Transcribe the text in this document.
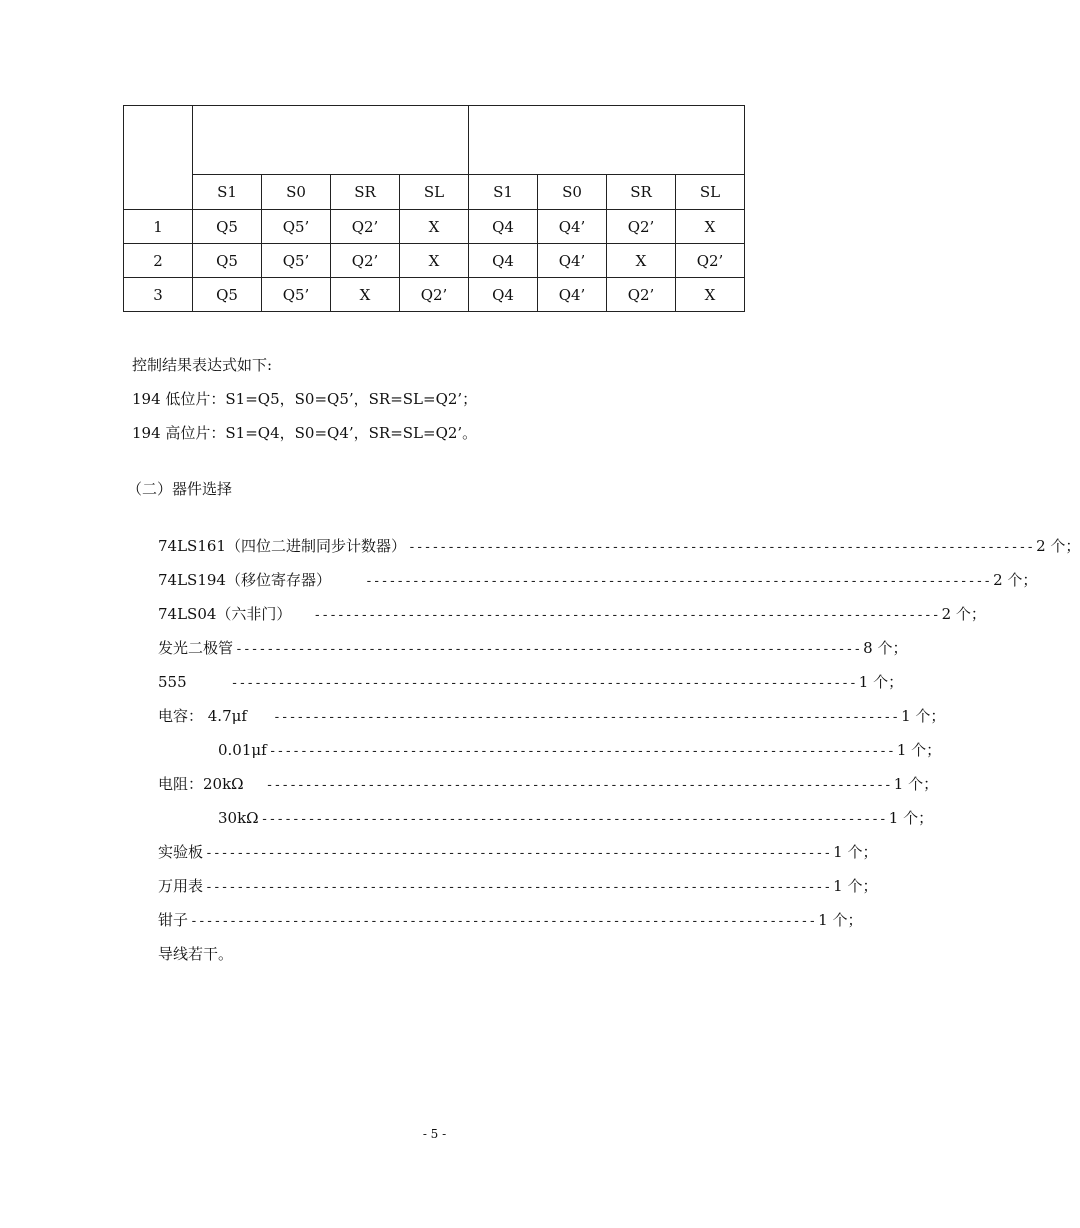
	S1	S0	SR	SL	S1	S0	SR	SL
1	Q5	Q5’	Q2’	X	Q4	Q4’	Q2’	X
2	Q5	Q5’	Q2’	X	Q4	Q4’	X	Q2’
3	Q5	Q5’	X	Q2’	Q4	Q4’	Q2’	X
控制结果表达式如下:
194 低位片：S1=Q5，S0=Q5’，SR=SL=Q2’；
194 高位片：S1=Q4，S0=Q4’，SR=SL=Q2’。
（二）器件选择
74LS161（四位二进制同步计数器） -------------------------------------------------------------------------------- 2 个；
74LS194（移位寄存器）	-------------------------------------------------------------------------------- 2 个；
74LS04（六非门） -------------------------------------------------------------------------------- 2 个；
发光二极管 -------------------------------------------------------------------------------- 8 个；
555	-------------------------------------------------------------------------------- 1 个；
电容： 4.7μf -------------------------------------------------------------------------------- 1 个；
0.01μf -------------------------------------------------------------------------------- 1 个；
电阻：20kΩ -------------------------------------------------------------------------------- 1 个；
30kΩ -------------------------------------------------------------------------------- 1 个；
实验板 -------------------------------------------------------------------------------- 1 个；
万用表 -------------------------------------------------------------------------------- 1 个；
钳子 -------------------------------------------------------------------------------- 1 个；
导线若干。
- 5 -
